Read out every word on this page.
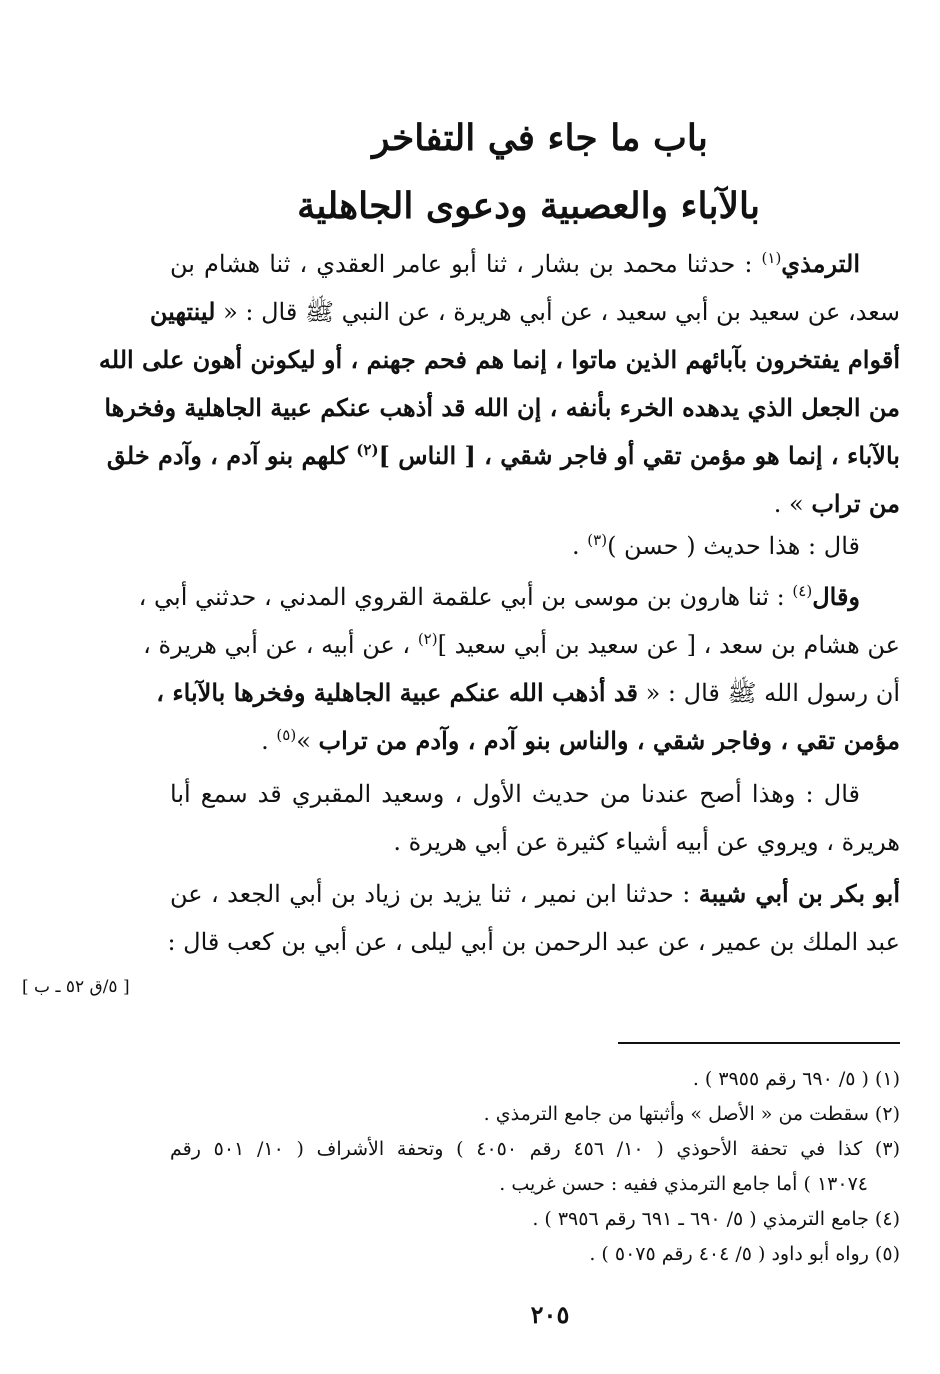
باب ما جاء في التفاخر
بالآباء والعصبية ودعوى الجاهلية
الترمذي$^{(١)}$ : حدثنا محمد بن بشار ، ثنا أبو عامر العقدي ، ثنا هشام بن
سعد، عن سعيد بن أبي سعيد ، عن أبي هريرة ، عن النبي ﷺ قال : « لينتهين
أقوام يفتخرون بآبائهم الذين ماتوا ، إنما هم فحم جهنم ، أو ليكونن أهون على الله
من الجعل الذي يدهده الخرء بأنفه ، إن الله قد أذهب عنكم عبية الجاهلية وفخرها
بالآباء ، إنما هو مؤمن تقي أو فاجر شقي ، [ الناس ]$^{(٢)}$ كلهم بنو آدم ، وآدم خلق
من تراب » .
قال : هذا حديث ( حسن )$^{(٣)}$ .
وقال$^{(٤)}$ : ثنا هارون بن موسى بن أبي علقمة القروي المدني ، حدثني أبي ،
عن هشام بن سعد ، [ عن سعيد بن أبي سعيد ]$^{(٢)}$ ، عن أبيه ، عن أبي هريرة ،
أن رسول الله ﷺ قال : « قد أذهب الله عنكم عبية الجاهلية وفخرها بالآباء ،
مؤمن تقي ، وفاجر شقي ، والناس بنو آدم ، وآدم من تراب »$^{(٥)}$ .
قال : وهذا أصح عندنا من حديث الأول ، وسعيد المقبري قد سمع أبا
هريرة ، ويروي عن أبيه أشياء كثيرة عن أبي هريرة .
أبو بكر بن أبي شيبة : حدثنا ابن نمير ، ثنا يزيد بن زياد بن أبي الجعد ، عن
عبد الملك بن عمير ، عن عبد الرحمن بن أبي ليلى ، عن أبي بن كعب قال :
[ ٥/ق ٥٢ ـ ب ]
(١) ( ٥/ ٦٩٠ رقم ٣٩٥٥ ) .
(٢) سقطت من « الأصل » وأثبتها من جامع الترمذي .
(٣) كذا في تحفة الأحوذي ( ١٠/ ٤٥٦ رقم ٤٠٥٠ ) وتحفة الأشراف ( ١٠/ ٥٠١ رقم
١٣٠٧٤ ) أما جامع الترمذي ففيه : حسن غريب .
(٤) جامع الترمذي ( ٥/ ٦٩٠ ـ ٦٩١ رقم ٣٩٥٦ ) .
(٥) رواه أبو داود ( ٥/ ٤٠٤ رقم ٥٠٧٥ ) .
٢٠٥
